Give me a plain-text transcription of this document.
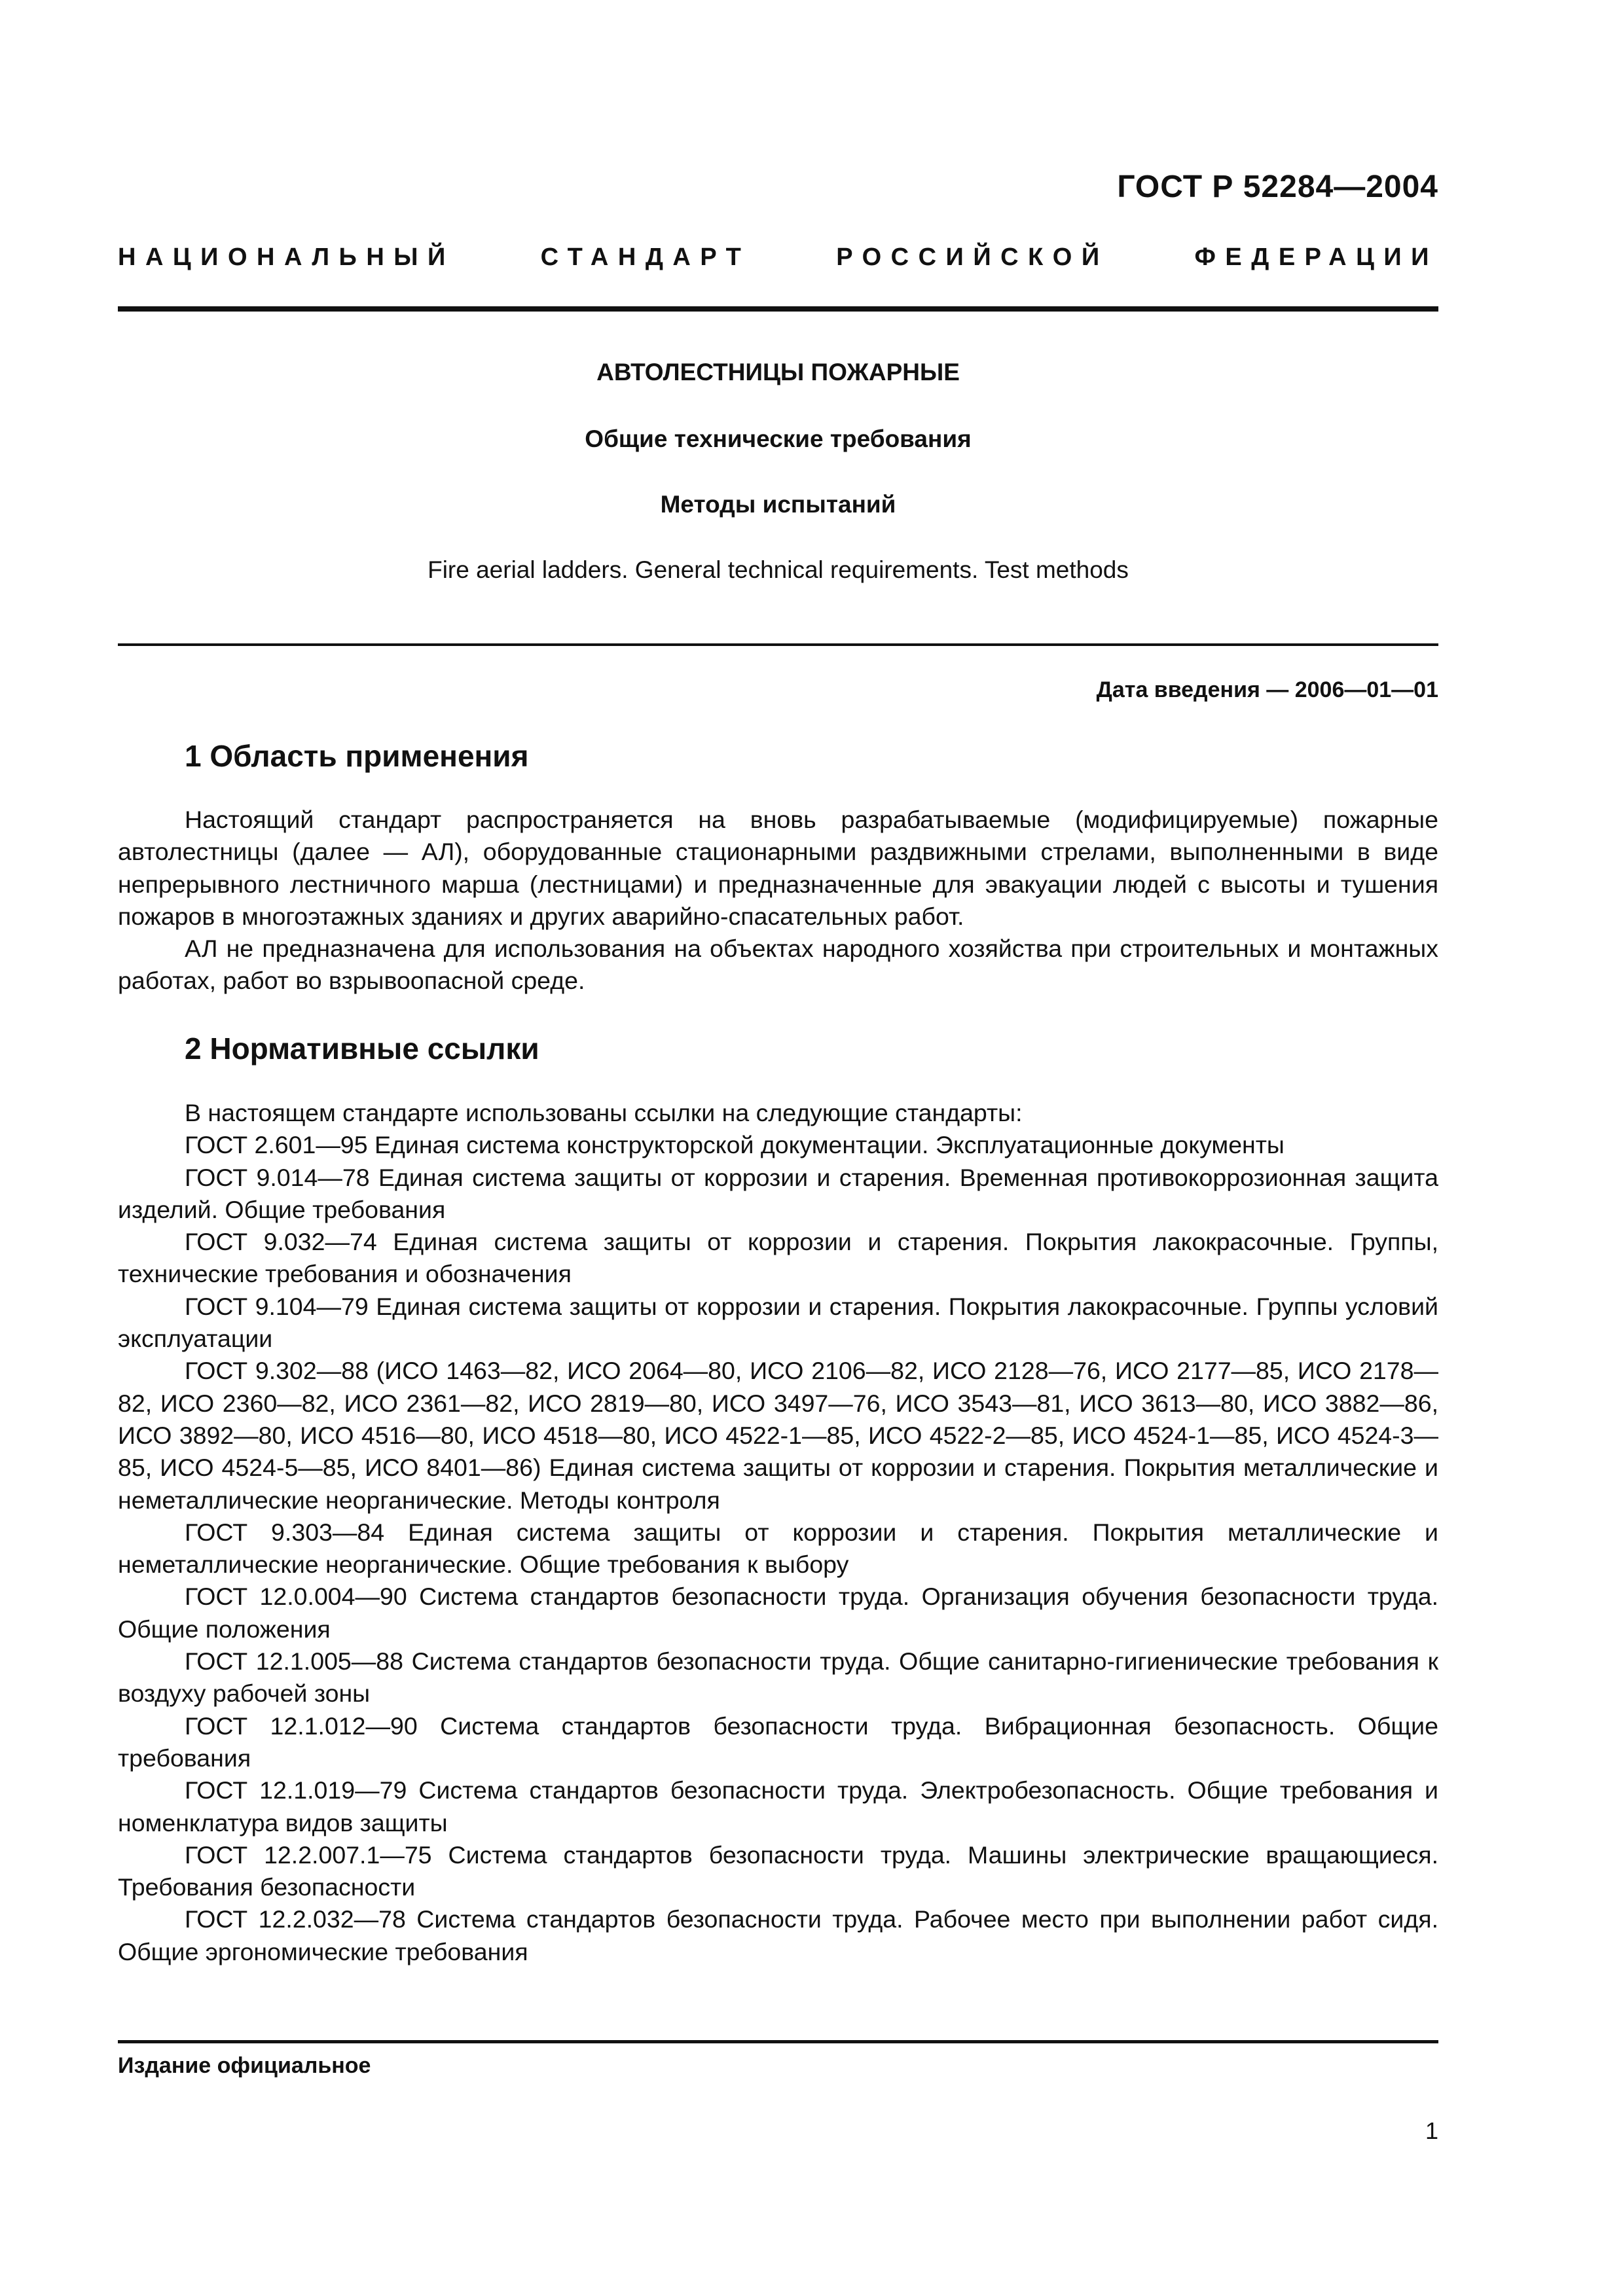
ГОСТ Р 52284—2004
НАЦИОНАЛЬНЫЙ СТАНДАРТ РОССИЙСКОЙ ФЕДЕРАЦИИ
АВТОЛЕСТНИЦЫ ПОЖАРНЫЕ
Общие технические требования
Методы испытаний
Fire aerial ladders. General technical requirements. Test methods
Дата введения — 2006—01—01
1 Область применения

Настоящий стандарт распространяется на вновь разрабатываемые (модифицируемые) пожарные автолестницы (далее — АЛ), оборудованные стационарными раздвижными стрелами, выполненными в виде непрерывного лестничного марша (лестницами) и предназначенные для эвакуации людей с высоты и тушения пожаров в многоэтажных зданиях и других аварийно-спасательных работ.

АЛ не предназначена для использования на объектах народного хозяйства при строительных и монтажных работах, работ во взрывоопасной среде.

2 Нормативные ссылки

В настоящем стандарте использованы ссылки на следующие стандарты:

ГОСТ 2.601—95 Единая система конструкторской документации. Эксплуатационные документы

ГОСТ 9.014—78 Единая система защиты от коррозии и старения. Временная противокоррозионная защита изделий. Общие требования

ГОСТ 9.032—74 Единая система защиты от коррозии и старения. Покрытия лакокрасочные. Группы, технические требования и обозначения

ГОСТ 9.104—79 Единая система защиты от коррозии и старения. Покрытия лакокрасочные. Группы условий эксплуатации

ГОСТ 9.302—88 (ИСО 1463—82, ИСО 2064—80, ИСО 2106—82, ИСО 2128—76, ИСО 2177—85, ИСО 2178—82, ИСО 2360—82, ИСО 2361—82, ИСО 2819—80, ИСО 3497—76, ИСО 3543—81, ИСО 3613—80, ИСО 3882—86, ИСО 3892—80, ИСО 4516—80, ИСО 4518—80, ИСО 4522-1—85, ИСО 4522-2—85, ИСО 4524-1—85, ИСО 4524-3—85, ИСО 4524-5—85, ИСО 8401—86) Единая система защиты от коррозии и старения. Покрытия металлические и неметаллические неорганические. Методы контроля

ГОСТ 9.303—84 Единая система защиты от коррозии и старения. Покрытия металлические и неметаллические неорганические. Общие требования к выбору

ГОСТ 12.0.004—90 Система стандартов безопасности труда. Организация обучения безопасности труда. Общие положения

ГОСТ 12.1.005—88 Система стандартов безопасности труда. Общие санитарно-гигиенические требования к воздуху рабочей зоны

ГОСТ 12.1.012—90 Система стандартов безопасности труда. Вибрационная безопасность. Общие требования

ГОСТ 12.1.019—79 Система стандартов безопасности труда. Электробезопасность. Общие требования и номенклатура видов защиты

ГОСТ 12.2.007.1—75 Система стандартов безопасности труда. Машины электрические вращающиеся. Требования безопасности

ГОСТ 12.2.032—78 Система стандартов безопасности труда. Рабочее место при выполнении работ сидя. Общие эргономические требования

Издание официальное
1
